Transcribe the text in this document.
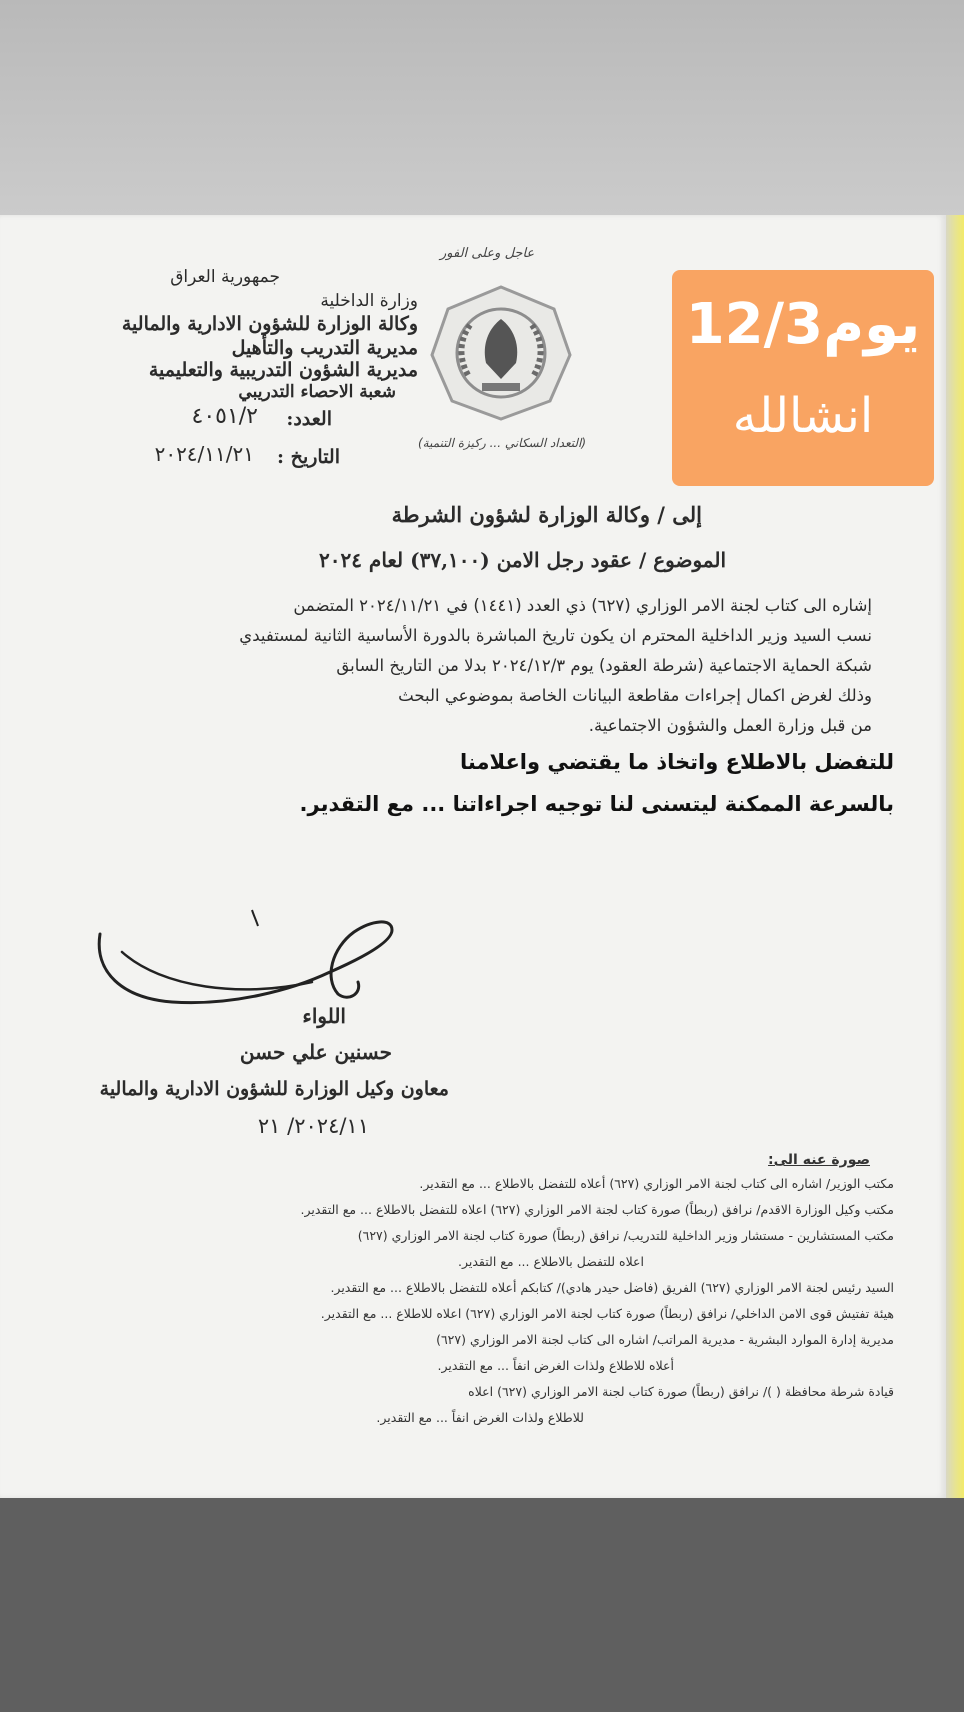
عاجل وعلى الفور
جمهورية العراق
وزارة الداخلية
وكالة الوزارة للشؤون الادارية والمالية
مديرية التدريب والتأهيل
مديرية الشؤون التدريبية والتعليمية
شعبة الاحصاء التدريبي
العدد:
٤٠٥١/٢
التاريخ :
٢٠٢٤/١١/٢١	(التعداد السكاني ... ركيزة التنمية)
يوم12/3
انشالله
إلى / وكالة الوزارة لشؤون الشرطة
الموضوع / عقود رجل الامن (٣٧,١٠٠) لعام ٢٠٢٤
إشاره الى كتاب لجنة الامر الوزاري (٦٢٧) ذي العدد (١٤٤١) في ٢٠٢٤/١١/٢١ المتضمن
نسب السيد وزير الداخلية المحترم ان يكون تاريخ المباشرة بالدورة الأساسية الثانية لمستفيدي
شبكة الحماية الاجتماعية (شرطة العقود) يوم ٢٠٢٤/١٢/٣ بدلا من التاريخ السابق
وذلك لغرض اكمال إجراءات مقاطعة البيانات الخاصة بموضوعي البحث
من قبل وزارة العمل والشؤون الاجتماعية.
للتفضل بالاطلاع واتخاذ ما يقتضي واعلامنا
بالسرعة الممكنة ليتسنى لنا توجيه اجراءاتنا ... مع التقدير.
اللواء
حسنين علي حسن
معاون وكيل الوزارة للشؤون الادارية والمالية
٢٠٢٤/١١/ ٢١
صورة عنه الى:
مكتب الوزير/ اشاره الى كتاب لجنة الامر الوزاري (٦٢٧) أعلاه للتفضل بالاطلاع ... مع التقدير.
مكتب وكيل الوزارة الاقدم/ نرافق (ربطاً) صورة كتاب لجنة الامر الوزاري (٦٢٧) اعلاه للتفضل بالاطلاع ... مع التقدير.
مكتب المستشارين - مستشار وزير الداخلية للتدريب/ نرافق (ربطاً) صورة كتاب لجنة الامر الوزاري (٦٢٧)
اعلاه للتفضل بالاطلاع ... مع التقدير.
السيد رئيس لجنة الامر الوزاري (٦٢٧) الفريق (فاضل حيدر هادي)/ كتابكم أعلاه للتفضل بالاطلاع ... مع التقدير.
هيئة تفتيش قوى الامن الداخلي/ نرافق (ربطاً) صورة كتاب لجنة الامر الوزاري (٦٢٧) اعلاه للاطلاع ... مع التقدير.
مديرية إدارة الموارد البشرية - مديرية المراتب/ اشاره الى كتاب لجنة الامر الوزاري (٦٢٧)
أعلاه للاطلاع ولذات الغرض انفاً ... مع التقدير.
قيادة شرطة محافظة ( )/ نرافق (ربطاً) صورة كتاب لجنة الامر الوزاري (٦٢٧) اعلاه
للاطلاع ولذات الغرض انفاً ... مع التقدير.
